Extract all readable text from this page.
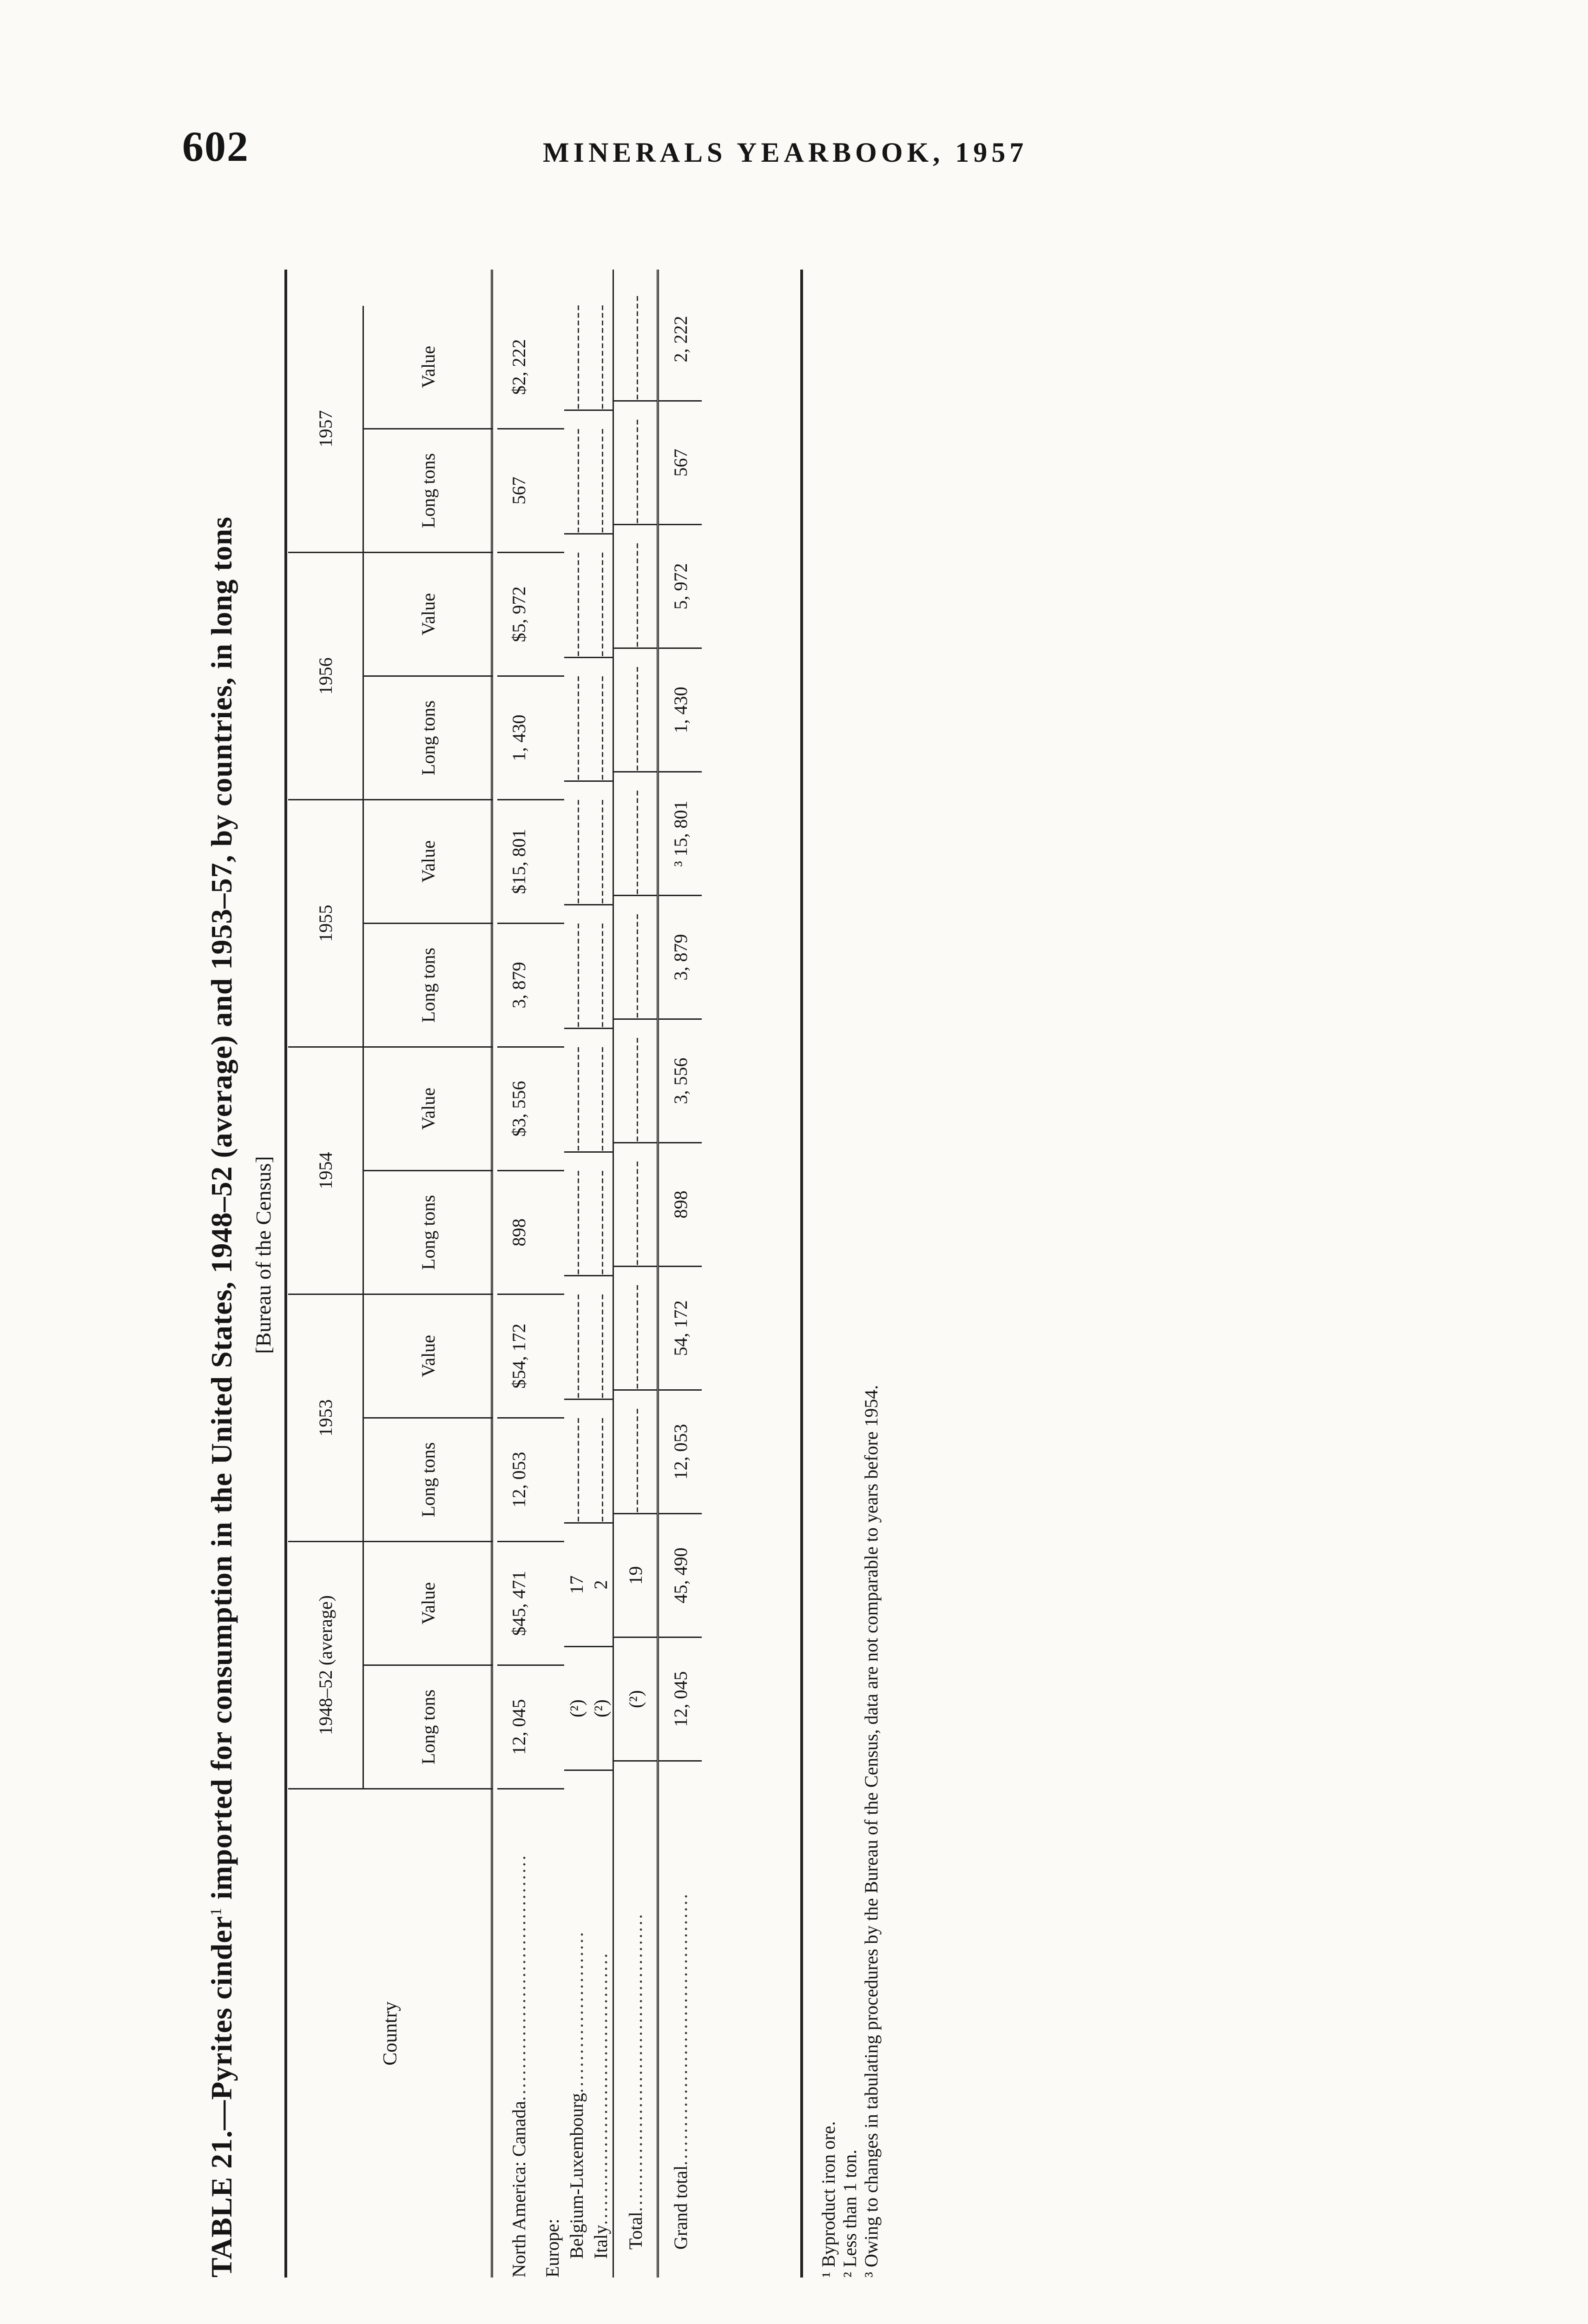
602	MINERALS YEARBOOK, 1957
TABLE 21.—Pyrites cinder$^1$ imported for consumption in the United States, 1948–52 (average) and 1953–57, by countries, in long tons [Bureau of the Census]
Country
1948–52 (average)	Long tons
Value
1953
Long tons
Value
1954
Long tons
Value
1955
Long tons
Value
1956
Long tons
Value
1957
Long tons
Value
North America: Canada......................................
12, 045
$45, 471
12, 053
$54, 172
898
$3, 556
3, 879
$15, 801
1, 430
$5, 972
567
$2, 222
Europe: Belgium-Luxembourg.........................
(²)
17
--------------
--------------
--------------
--------------
--------------
--------------
--------------
--------------
--------------
--------------
Italy..........................................
(²)
2
--------------
--------------
--------------
--------------
--------------
--------------
--------------
--------------
--------------
--------------
Total..............................................
(²)
19
--------------
--------------
--------------
--------------
--------------
--------------
--------------
--------------
--------------
--------------
Grand total..........................................
12, 045
45, 490
12, 053
54, 172
898
3, 556
3, 879
³ 15, 801
1, 430
5, 972
567
2, 222
¹ Byproduct iron ore. ² Less than 1 ton. ³ Owing to changes in tabulating procedures by the Bureau of the Census, data are not comparable to years before 1954.
